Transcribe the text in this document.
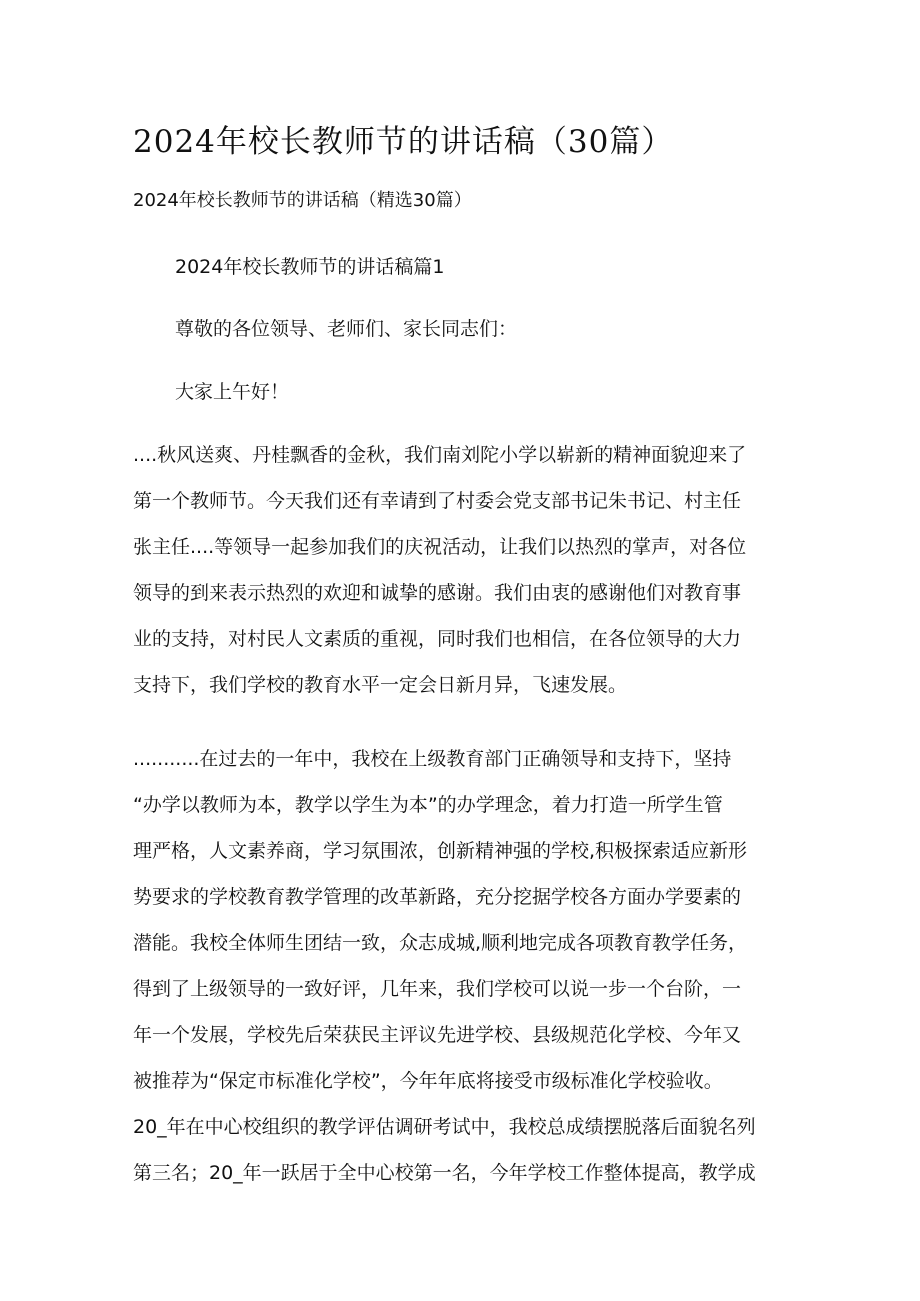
2024年校长教师节的讲话稿（30篇）
2024年校长教师节的讲话稿（精选30篇）
2024年校长教师节的讲话稿篇1
尊敬的各位领导、老师们、家长同志们：
大家上午好！
....秋风送爽、丹桂飘香的金秋，我们南刘陀小学以崭新的精神面貌迎来了
第一个教师节。今天我们还有幸请到了村委会党支部书记朱书记、村主任
张主任....等领导一起参加我们的庆祝活动，让我们以热烈的掌声，对各位
领导的到来表示热烈的欢迎和诚挚的感谢。我们由衷的感谢他们对教育事
业的支持，对村民人文素质的重视，同时我们也相信，在各位领导的大力
支持下，我们学校的教育水平一定会日新月异，飞速发展。
...........在过去的一年中，我校在上级教育部门正确领导和支持下，坚持
“办学以教师为本，教学以学生为本”的办学理念，着力打造一所学生管
理严格，人文素养商，学习氛围浓，创新精神强的学校,积极探索适应新形
势要求的学校教育教学管理的改革新路，充分挖据学校各方面办学要素的
潜能。我校全体师生团结一致，众志成城,顺利地完成各项教育教学任务，
得到了上级领导的一致好评，几年来，我们学校可以说一步一个台阶，一
年一个发展，学校先后荣获民主评议先进学校、县级规范化学校、今年又
被推荐为“保定市标准化学校”，今年年底将接受市级标准化学校验收。
20_年在中心校组织的教学评估调研考试中，我校总成绩摆脱落后面貌名列
第三名；20_年一跃居于全中心校第一名，今年学校工作整体提高，教学成
